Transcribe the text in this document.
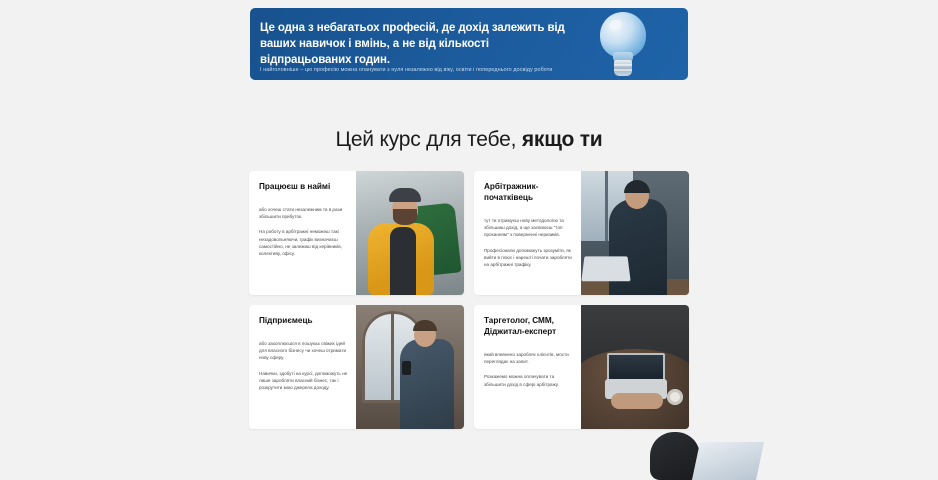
Це одна з небагатьох професій, де дохід залежить від ваших навичок і вмінь, а не від кількості відпрацьованих годин.
І найголовніше – цю професію можна опанувати з нуля незалежно від віку, освіти і попереднього досвіду роботи
Цей курс для тебе, якщо ти
Працюєш в наймі
або хочеш стати незалежним та в рази збільшити прибуток.
На роботу в арбітражні неможеш такі незадовольняючи, графік визначаєш самостійно, не залежиш від керівників, колективу, офісу.
Арбітражник-початківець
тут ти отримуєш нову методологію та збільшиш дохід, а ще засвоюєш "топ проханням" з поверненні неризиків.
Професіонали допоможуть зрозуміти, як вийти в плюс і нарешті почати заробляти на арбітражні трафіку.
Підприємець
або захоплюєшся в пошуках свіжих ідей для власного бізнесу чи хочеш отримати нову сферу.
Навички, здобуті на курсі, допоможуть не лише заробляти власний бізнес, так і розкрутити мою джерела доходу.
Таргетолог, СММ, Діджитал-експерт
який впевнено заробляє клієнтів, мости переглядає на запит.
Розкажемо можна оплачувати та збільшити дохід в сфері арбітражу.
